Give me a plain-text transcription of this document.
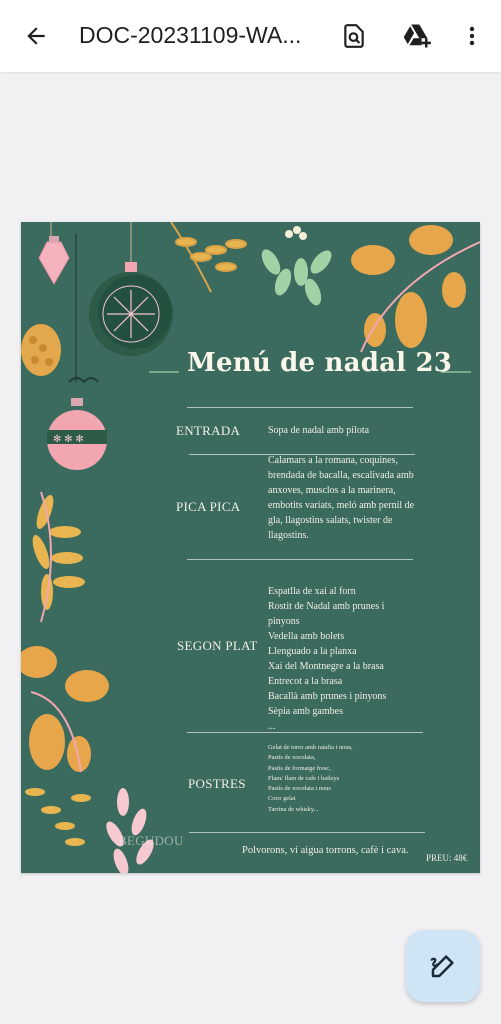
DOC-20231109-WA...
✻ ✻ ✻
Menú de nadal 23
ENTRADA	Sopa de nadal amb pilota
PICA PICA
Calamars a la romana, coquines,
brendada de bacalla, escalivada amb
anxoves, musclos a la marinera,
embotits variats, meló amb pernil de
gla, llagostins salats, twister de
llagostins.
SEGON PLAT
Espatlla de xai al forn
Rostit de Nadal amb prunes i
pinyons
Vedella amb bolets
Llenguado a la planxa
Xai del Montnegre a la brasa
Entrecot a la brasa
Bacallà amb prunes i pinyons
Sèpia amb gambes
...
POSTRES
Gelat de torro amb ratafia i nous,
Pastís de xocolata,
Pastís de formatge fresc,
Flam/ flam de cafe i baileys
Pastís de xocolata i nous
Coco gelat
Tarrina de whisky...
BEGUDOU
Polvorons, vi aigua torrons, cafè i cava.
PREU: 48€
